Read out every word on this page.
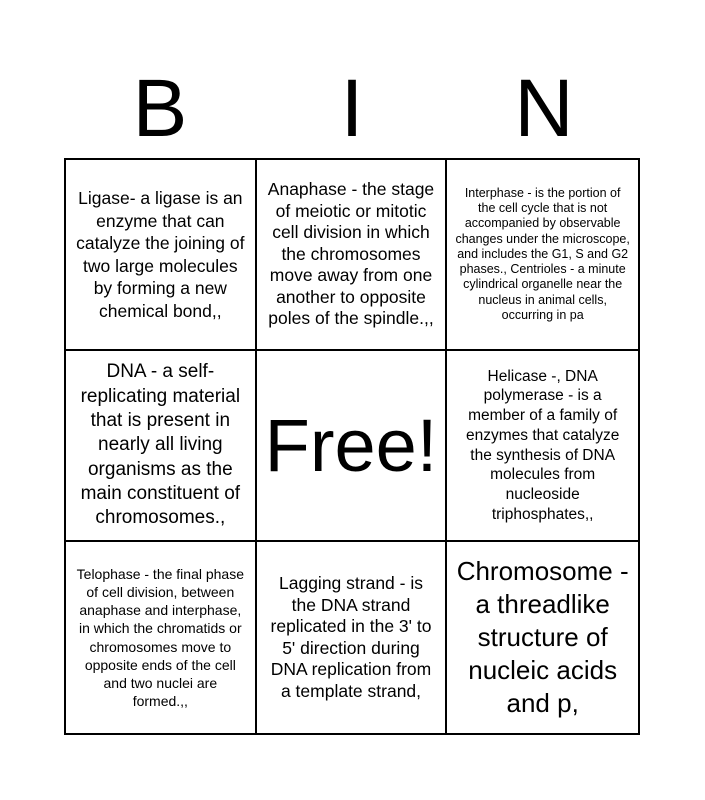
B	I	N
Ligase- a ligase is an enzyme that can catalyze the joining of two large molecules by forming a new chemical bond,,
Anaphase - the stage of meiotic or mitotic cell division in which the chromosomes move away from one another to opposite poles of the spindle.,,
Interphase - is the portion of the cell cycle that is not accompanied by observable changes under the microscope, and includes the G1, S and G2 phases., Centrioles - a minute cylindrical organelle near the nucleus in animal cells, occurring in pa
DNA - a self-replicating material that is present in nearly all living organisms as the main constituent of chromosomes.,
Free!
Helicase -, DNA polymerase - is a member of a family of enzymes that catalyze the synthesis of DNA molecules from nucleoside triphosphates,,
Telophase - the final phase of cell division, between anaphase and interphase, in which the chromatids or chromosomes move to opposite ends of the cell and two nuclei are formed.,,
Lagging strand - is the DNA strand replicated in the 3' to 5' direction during DNA replication from a template strand,
Chromosome - a threadlike structure of nucleic acids and p,
